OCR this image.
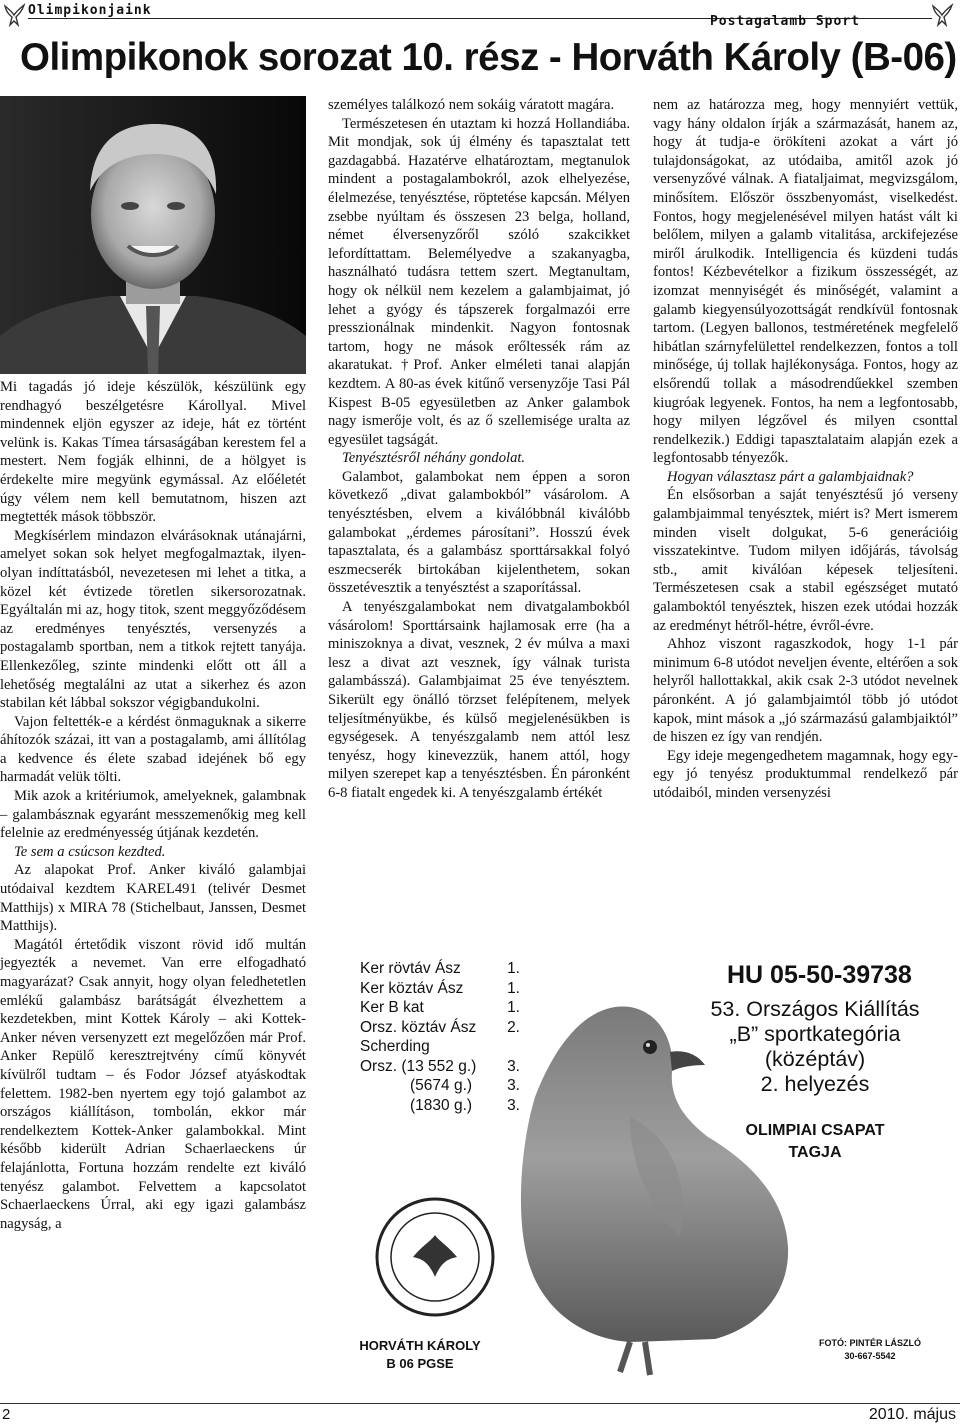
Olimpikonjaink
Postagalamb Sport
Olimpikonok sorozat 10. rész - Horváth Károly (B-06)

Mi tagadás jó ideje készülök, készülünk egy rendhagyó beszélgetésre Károllyal. Mivel mindennek eljön egyszer az ideje, hát ez történt velünk is. Kakas Tímea társaságában kerestem fel a mestert. Nem fogják elhinni, de a hölgyet is érdekelte mire megyünk egymással. Az előéletét úgy vélem nem kell bemutatnom, hiszen azt megtették mások többször.

Megkísérlem mindazon elvárásoknak utánajárni, amelyet sokan sok helyet megfogalmaztak, ilyen-olyan indíttatásból, nevezetesen mi lehet a titka, a közel két évtizede töretlen sikersorozatnak. Egyáltalán mi az, hogy titok, szent meggyőződésem az eredményes tenyésztés, versenyzés a postagalamb sportban, nem a titkok rejtett tanyája. Ellenkezőleg, szinte mindenki előtt ott áll a lehetőség megtalálni az utat a sikerhez és azon stabilan két lábbal sokszor végigbandukolni.

Vajon feltették-e a kérdést önmaguknak a sikerre áhítozók százai, itt van a postagalamb, ami állítólag a kedvence és élete szabad idejének bő egy harmadát velük tölti.

Mik azok a kritériumok, amelyeknek, galambnak – galambásznak egyaránt messzemenőkig meg kell felelnie az eredményesség útjának kezdetén.

Te sem a csúcson kezdted.

Az alapokat Prof. Anker kiváló galambjai utódaival kezdtem KAREL491 (telivér Desmet Matthijs) x MIRA 78 (Stichelbaut, Janssen, Desmet Matthijs).

Magától értetődik viszont rövid idő multán jegyezték a nevemet. Van erre elfogadható magyarázat? Csak annyit, hogy olyan feledhetetlen emlékű galambász barátságát élvezhettem a kezdetekben, mint Kottek Károly – aki Kottek-Anker néven versenyzett ezt megelőzően már Prof. Anker Repülő keresztrejtvény című könyvét kívülről tudtam – és Fodor József atyáskodtak felettem. 1982-ben nyertem egy tojó galambot az országos kiállításon, tombolán, ekkor már rendelkeztem Kottek-Anker galambokkal. Mint később kiderült Adrian Schaerlaeckens úr felajánlotta, Fortuna hozzám rendelte ezt kiváló tenyész galambot. Felvettem a kapcsolatot Schaerlaeckens Úrral, aki egy igazi galambász nagyság, a

személyes találkozó nem sokáig váratott magára.

Természetesen én utaztam ki hozzá Hollandiába. Mit mondjak, sok új élmény és tapasztalat tett gazdagabbá. Hazatérve elhatároztam, megtanulok mindent a postagalambokról, azok elhelyezése, élelmezése, tenyésztése, röptetése kapcsán. Mélyen zsebbe nyúltam és összesen 23 belga, holland, német élversenyzőről szóló szakcikket lefordíttattam. Belemélyedve a szakanyagba, használható tudásra tettem szert. Megtanultam, hogy ok nélkül nem kezelem a galambjaimat, jó lehet a gyógy és tápszerek forgalmazói erre presszionálnak mindenkit. Nagyon fontosnak tartom, hogy ne mások erőltessék rám az akaratukat. †Prof. Anker elméleti tanai alapján kezdtem. A 80-as évek kitűnő versenyzője Tasi Pál Kispest B-05 egyesületben az Anker galambok nagy ismerője volt, és az ő szellemisége uralta az egyesület tagságát.

Tenyésztésről néhány gondolat.

Galambot, galambokat nem éppen a soron következő „divat galambokból” vásárolom. A tenyésztésben, elvem a kiválóbbnál kiválóbb galambokat „érdemes párosítani”. Hosszú évek tapasztalata, és a galambász sporttársakkal folyó eszmecserék birtokában kijelenthetem, sokan összetévesztik a tenyésztést a szaporítással.

A tenyészgalambokat nem divatgalambokból vásárolom! Sporttársaink hajlamosak erre (ha a miniszoknya a divat, vesznek, 2 év múlva a maxi lesz a divat azt vesznek, így válnak turista galambásszá). Galambjaimat 25 éve tenyésztem. Sikerült egy önálló törzset felépítenem, melyek teljesítményükbe, és külső megjelenésükben is egységesek. A tenyészgalamb nem attól lesz tenyész, hogy kinevezzük, hanem attól, hogy milyen szerepet kap a tenyésztésben. Én páronként 6-8 fiatalt engedek ki. A tenyészgalamb értékét

nem az határozza meg, hogy mennyiért vettük, vagy hány oldalon írják a származását, hanem az, hogy át tudja-e örökíteni azokat a várt jó tulajdonságokat, az utódaiba, amitől azok jó versenyzővé válnak. A fiataljaimat, megvizsgálom, minősítem. Először összbenyomást, viselkedést. Fontos, hogy megjelenésével milyen hatást vált ki belőlem, milyen a galamb vitalitása, arckifejezése miről árulkodik. Intelligencia és küzdeni tudás fontos! Kézbevételkor a fizikum összességét, az izomzat mennyiségét és minőségét, valamint a galamb kiegyensúlyozottságát rendkívül fontosnak tartom. (Legyen ballonos, testméretének megfelelő hibátlan szárnyfelülettel rendelkezzen, fontos a toll minősége, új tollak hajlékonysága. Fontos, hogy az elsőrendű tollak a másodrendűekkel szemben kiugróak legyenek. Fontos, ha nem a legfontosabb, hogy milyen légzővel és milyen csonttal rendelkezik.) Eddigi tapasztalataim alapján ezek a legfontosabb tényezők.

Hogyan választasz párt a galambjaidnak?

Én elsősorban a saját tenyésztésű jó verseny galambjaimmal tenyésztek, miért is? Mert ismerem minden viselt dolgukat, 5-6 generációig visszatekintve. Tudom milyen időjárás, távolság stb., amit kiválóan képesek teljesíteni. Természetesen csak a stabil egészséget mutató galamboktól tenyésztek, hiszen ezek utódai hozzák az eredményt hétről-hétre, évről-évre.

Ahhoz viszont ragaszkodok, hogy 1-1 pár minimum 6-8 utódot neveljen évente, eltérően a sok helyről hallottakkal, akik csak 2-3 utódot nevelnek páronként. A jó galambjaimtól több jó utódot kapok, mint mások a „jó származású galambjaiktól” de hiszen ez így van rendjén.

Egy ideje megengedhetem magamnak, hogy egy-egy jó tenyész produktummal rendelkező pár utódaiból, minden versenyzési

Ker rövtáv Ász	1.
Ker köztáv Ász	1.
Ker B kat	1.
Orsz. köztáv Ász 2.
Scherding
Orsz. (13 552 g.) 3.
(5674 g.) 3.
(1830 g.) 3.
HU 05-50-39738
53. Országos Kiállítás
„B” sportkategória
(középtáv)
2. helyezés
OLIMPIAI CSAPAT
TAGJA
HORVÁTH KÁROLY
B 06 PGSE
FOTÓ: PINTÉR LÁSZLÓ
30-667-5542
2	2010. május
